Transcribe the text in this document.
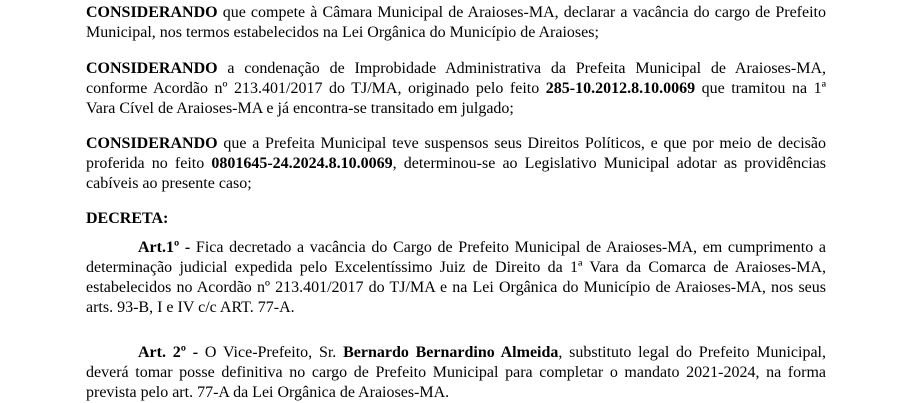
CONSIDERANDO que compete à Câmara Municipal de Araioses-MA, declarar a vacância do cargo de Prefeito Municipal, nos termos estabelecidos na Lei Orgânica do Município de Araioses;

CONSIDERANDO a condenação de Improbidade Administrativa da Prefeita Municipal de Araioses-MA, conforme Acordão nº 213.401/2017 do TJ/MA, originado pelo feito 285-10.2012.8.10.0069 que tramitou na 1ª Vara Cível de Araioses-MA e já encontra-se transitado em julgado;

CONSIDERANDO que a Prefeita Municipal teve suspensos seus Direitos Políticos, e que por meio de decisão proferida no feito 0801645-24.2024.8.10.0069, determinou-se ao Legislativo Municipal adotar as providências cabíveis ao presente caso;

DECRETA:

Art.1º - Fica decretado a vacância do Cargo de Prefeito Municipal de Araioses-MA, em cumprimento a determinação judicial expedida pelo Excelentíssimo Juiz de Direito da 1ª Vara da Comarca de Araioses-MA, estabelecidos no Acordão nº 213.401/2017 do TJ/MA e na Lei Orgânica do Município de Araioses-MA, nos seus arts. 93-B, I e IV c/c ART. 77-A.

Art. 2º - O Vice-Prefeito, Sr. Bernardo Bernardino Almeida, substituto legal do Prefeito Municipal, deverá tomar posse definitiva no cargo de Prefeito Municipal para completar o mandato 2021-2024, na forma prevista pelo art. 77-A da Lei Orgânica de Araioses-MA.
